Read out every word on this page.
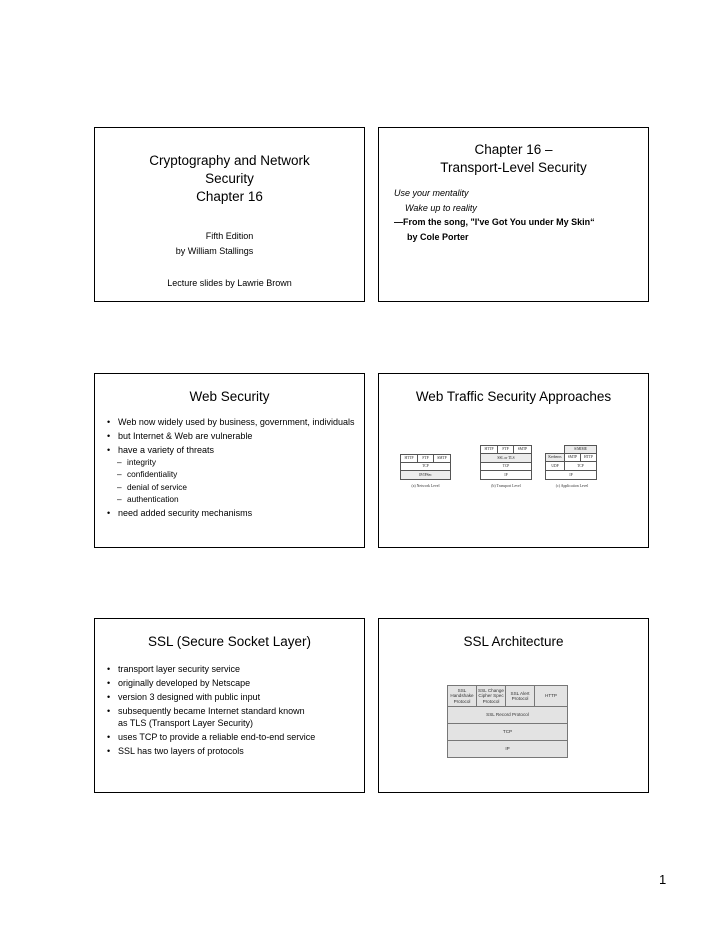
Cryptography and Network
Security
Chapter 16
Fifth Edition
by William Stallings
Lecture slides by Lawrie Brown
Chapter 16 –
Transport-Level Security
Use your mentality
Wake up to reality
—From the song, "I've Got You under My Skin“
by Cole Porter
Web Security
• Web now widely used by business, government, individuals
• but Internet & Web are vulnerable
• have a variety of threats
– integrity
– confidentiality
– denial of service
– authentication
• need added security mechanisms
Web Traffic Security Approaches
HTTP	FTP	SMTP
TCP
IP/IPSec
(a) Network Level
HTTP	FTP	SMTP
SSL or TLS
TCP
IP
(b) Transport Level
S/MIME
Kerberos	SMTP	HTTP
UDP	TCP
IP
(c) Application Level
SSL (Secure Socket Layer)
• transport layer security service
• originally developed by Netscape
• version 3 designed with public input
• subsequently became Internet standard known as TLS (Transport Layer Security)
• uses TCP to provide a reliable end-to-end service
• SSL has two layers of protocols
SSL Architecture
SSL Handshake Protocol
SSL Change Cipher Spec Protocol
SSL Alert Protocol
HTTP
SSL Record Protocol
TCP
IP
1
